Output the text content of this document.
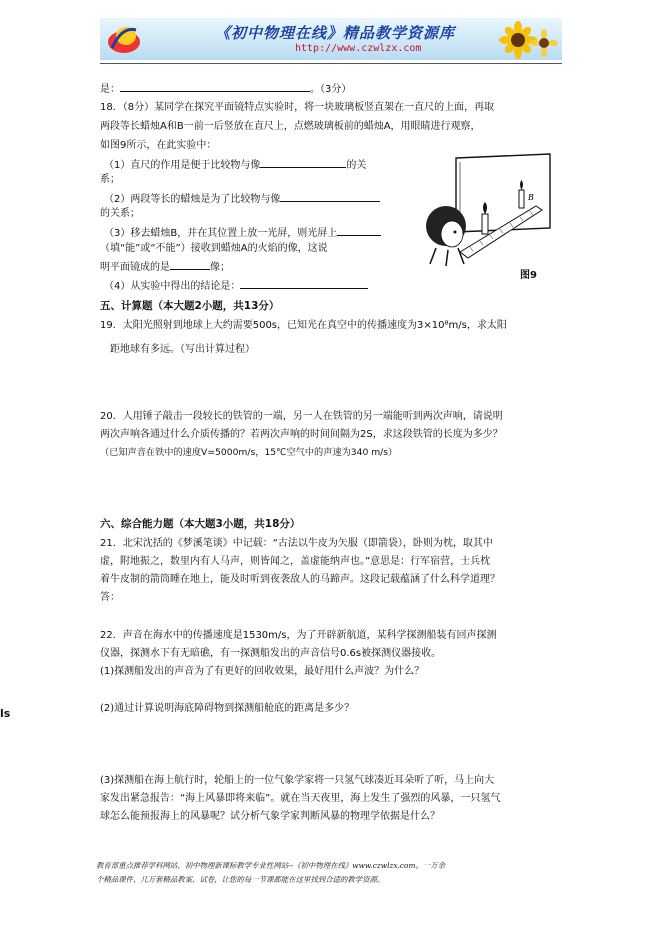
《初中物理在线》精品教学资源库
http://www.czwlzx.com
是：	。（3分）
18．（8分）某同学在探究平面镜特点实验时，将一块玻璃板竖直架在一直尺的上面，再取
两段等长蜡烛A和B一前一后竖放在直尺上，点燃玻璃板前的蜡烛A，用眼睛进行观察，
如图9所示，在此实验中：
（1）直尺的作用是便于比较物与像	的关
系；
（2）两段等长的蜡烛是为了比较物与像
的关系；
（3）移去蜡烛B，并在其位置上放一光屏，则光屏上
（填“能”或“不能”）接收到蜡烛A的火焰的像，这说
明平面镜成的是	像；
（4）从实验中得出的结论是：
B
图9
五、计算题（本大题2小题，共13分）
19．太阳光照射到地球上大约需要500s，已知光在真空中的传播速度为3×10⁸m/s，求太阳
距地球有多远。（写出计算过程）
20．人用锤子敲击一段较长的铁管的一端，另一人在铁管的另一端能听到两次声响，请说明
两次声响各通过什么介质传播的？若两次声响的时间间隔为2S，求这段铁管的长度为多少？
（已知声音在铁中的速度V=5000m/s，15℃空气中的声速为340 m/s）
六、综合能力题（本大题3小题，共18分）
21．北宋沈括的《梦溪笔谈》中记载：“古法以牛皮为矢服（即箭袋），卧则为枕，取其中
虚，附地振之，数里内有人马声，则皆闻之，盖虚能纳声也。”意思是：行军宿营，士兵枕
着牛皮制的箭筒睡在地上，能及时听到夜袭敌人的马蹄声。这段记载蕴涵了什么科学道理？
答：
22．声音在海水中的传播速度是1530m/s，为了开辟新航道，某科学探测船装有回声探测
仪器，探测水下有无暗礁，有一探测船发出的声音信号0.6s被探测仪器接收。
(1)探测船发出的声音为了有更好的回收效果，最好用什么声波？为什么？
(2)通过计算说明海底障碍物到探测船舱底的距离是多少？
(3)探测船在海上航行时，轮船上的一位气象学家将一只氢气球凑近耳朵听了听，马上向大
家发出紧急报告：“海上风暴即将来临”。就在当天夜里，海上发生了强烈的风暴，一只氢气
球怎么能预报海上的风暴呢？试分析气象学家判断风暴的物理学依据是什么？
ls
教育部重点推荐学科网站、初中物理新课标教学专业性网站--《初中物理在线》www.czwlzx.com。一万余
个精品课件、几万套精品教案、试卷，让您的每一节课都能在这里找到合适的教学资源。
